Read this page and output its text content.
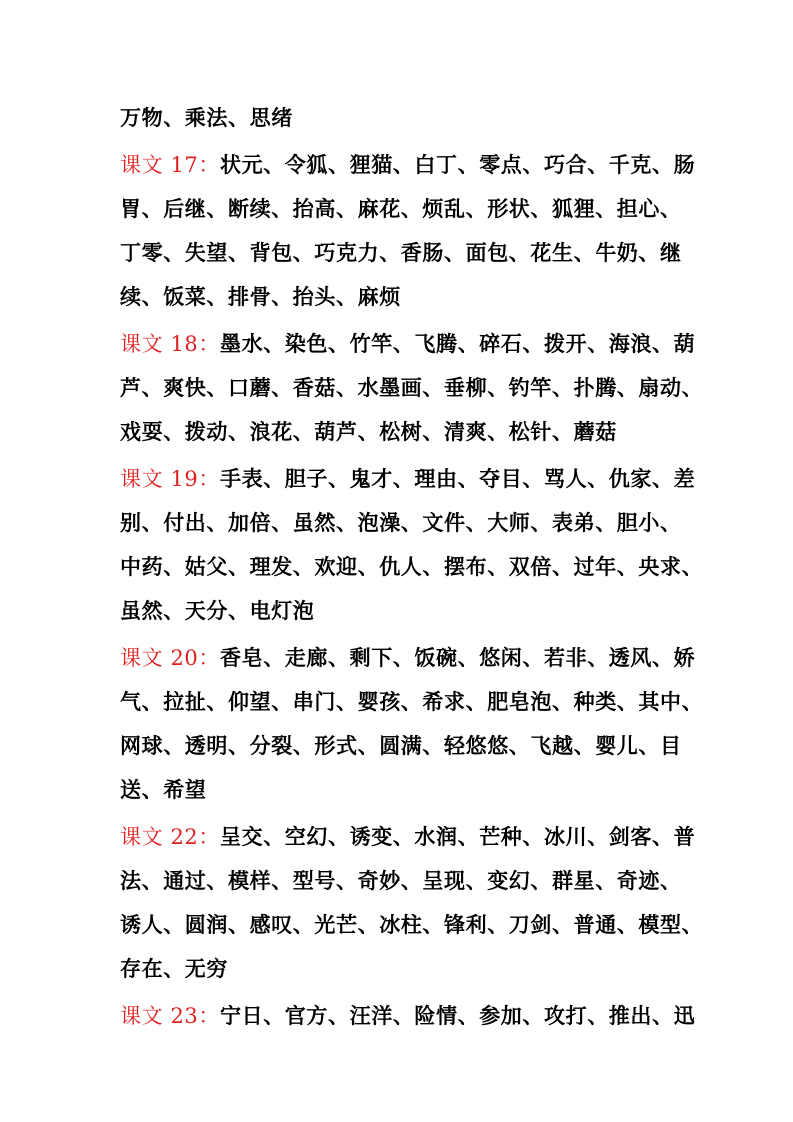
万物、乘法、思绪
课文 17：状元、令狐、狸猫、白丁、零点、巧合、千克、肠
胃、后继、断续、抬高、麻花、烦乱、形状、狐狸、担心、
丁零、失望、背包、巧克力、香肠、面包、花生、牛奶、继
续、饭菜、排骨、抬头、麻烦
课文 18：墨水、染色、竹竿、飞腾、碎石、拨开、海浪、葫
芦、爽快、口蘑、香菇、水墨画、垂柳、钓竿、扑腾、扇动、
戏耍、拨动、浪花、葫芦、松树、清爽、松针、蘑菇
课文 19：手表、胆子、鬼才、理由、夺目、骂人、仇家、差
别、付出、加倍、虽然、泡澡、文件、大师、表弟、胆小、
中药、姑父、理发、欢迎、仇人、摆布、双倍、过年、央求、
虽然、天分、电灯泡
课文 20：香皂、走廊、剩下、饭碗、悠闲、若非、透风、娇
气、拉扯、仰望、串门、婴孩、希求、肥皂泡、种类、其中、
网球、透明、分裂、形式、圆满、轻悠悠、飞越、婴儿、目
送、希望
课文 22：呈交、空幻、诱变、水润、芒种、冰川、剑客、普
法、通过、模样、型号、奇妙、呈现、变幻、群星、奇迹、
诱人、圆润、感叹、光芒、冰柱、锋利、刀剑、普通、模型、
存在、无穷
课文 23：宁日、官方、汪洋、险情、参加、攻打、推出、迅
